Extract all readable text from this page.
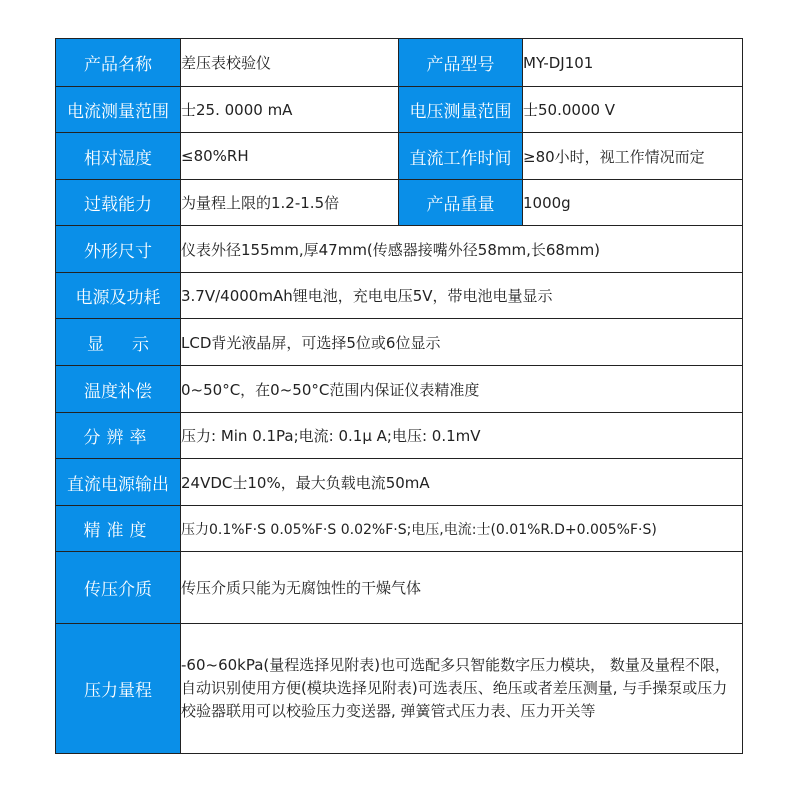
产品名称	差压表校验仪	产品型号	MY-DJ101
电流测量范围	士25. 0000 mA	电压测量范围	士50.0000 V
相对湿度	≤80%RH	直流工作时间	≥80小时，视工作情况而定
过载能力	为量程上限的1.2-1.5倍	产品重量	1000g
外形尺寸	仪表外径155mm,厚47mm(传感器接嘴外径58mm,长68mm)		
电源及功耗	3.7V/4000mAh锂电池，充电电压5V，带电池电量显示		
显示	LCD背光液晶屏，可选择5位或6位显示		
温度补偿	0~50°C，在0~50°C范围内保证仪表精准度		
分辨率	压力: Min 0.1Pa;电流: 0.1μ A;电压: 0.1mV		
直流电源输出	24VDC士10%，最大负载电流50mA		
精准度	压力0.1%F·S 0.05%F·S 0.02%F·S;电压,电流:士(0.01%R.D+0.005%F·S)		
传压介质	传压介质只能为无腐蚀性的干燥气体		
压力量程	-60~60kPa(量程选择见附表)也可选配多只智能数字压力模块， 数量及量程不限， 自动识别使用方便(模块选择见附表)可选表压、绝压或者差压测量, 与手操泵或压力校验器联用可以校验压力变送器, 弹簧管式压力表、压力开关等		
